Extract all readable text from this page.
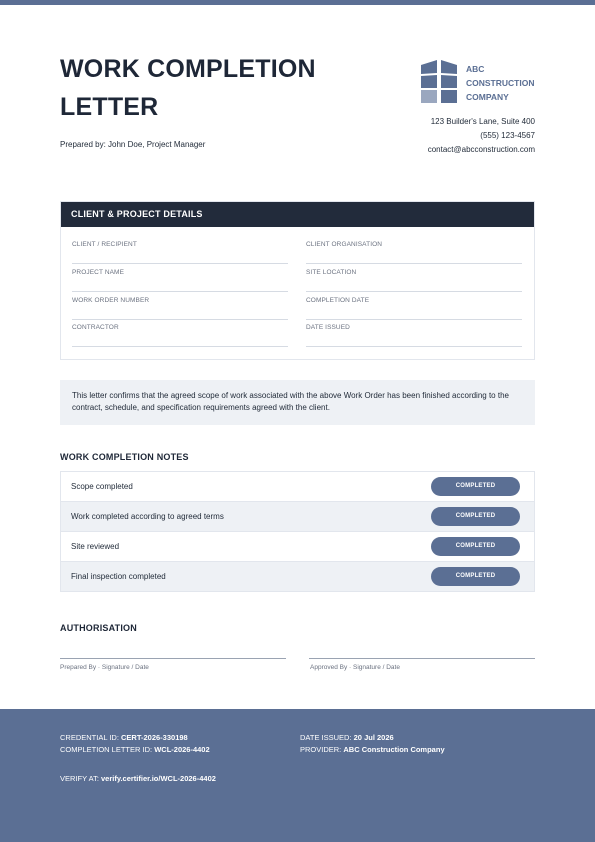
WORK COMPLETION LETTER
Prepared by: John Doe, Project Manager
ABC
CONSTRUCTION
COMPANY
123 Builder's Lane, Suite 400
(555) 123-4567
contact@abcconstruction.com
CLIENT & PROJECT DETAILS
CLIENT / RECIPIENT	CLIENT ORGANISATION
PROJECT NAME	SITE LOCATION
WORK ORDER NUMBER	COMPLETION DATE
CONTRACTOR	DATE ISSUED
This letter confirms that the agreed scope of work associated with the above Work Order has been finished according to the contract, schedule, and specification requirements agreed with the client.
WORK COMPLETION NOTES
Scope completed	COMPLETED
Work completed according to agreed terms	COMPLETED
Site reviewed	COMPLETED
Final inspection completed	COMPLETED
AUTHORISATION
Prepared By · Signature / Date	Approved By · Signature / Date
CREDENTIAL ID: CERT-2026-330198
COMPLETION LETTER ID: WCL-2026-4402
DATE ISSUED: 20 Jul 2026
PROVIDER: ABC Construction Company
VERIFY AT: verify.certifier.io/WCL-2026-4402
